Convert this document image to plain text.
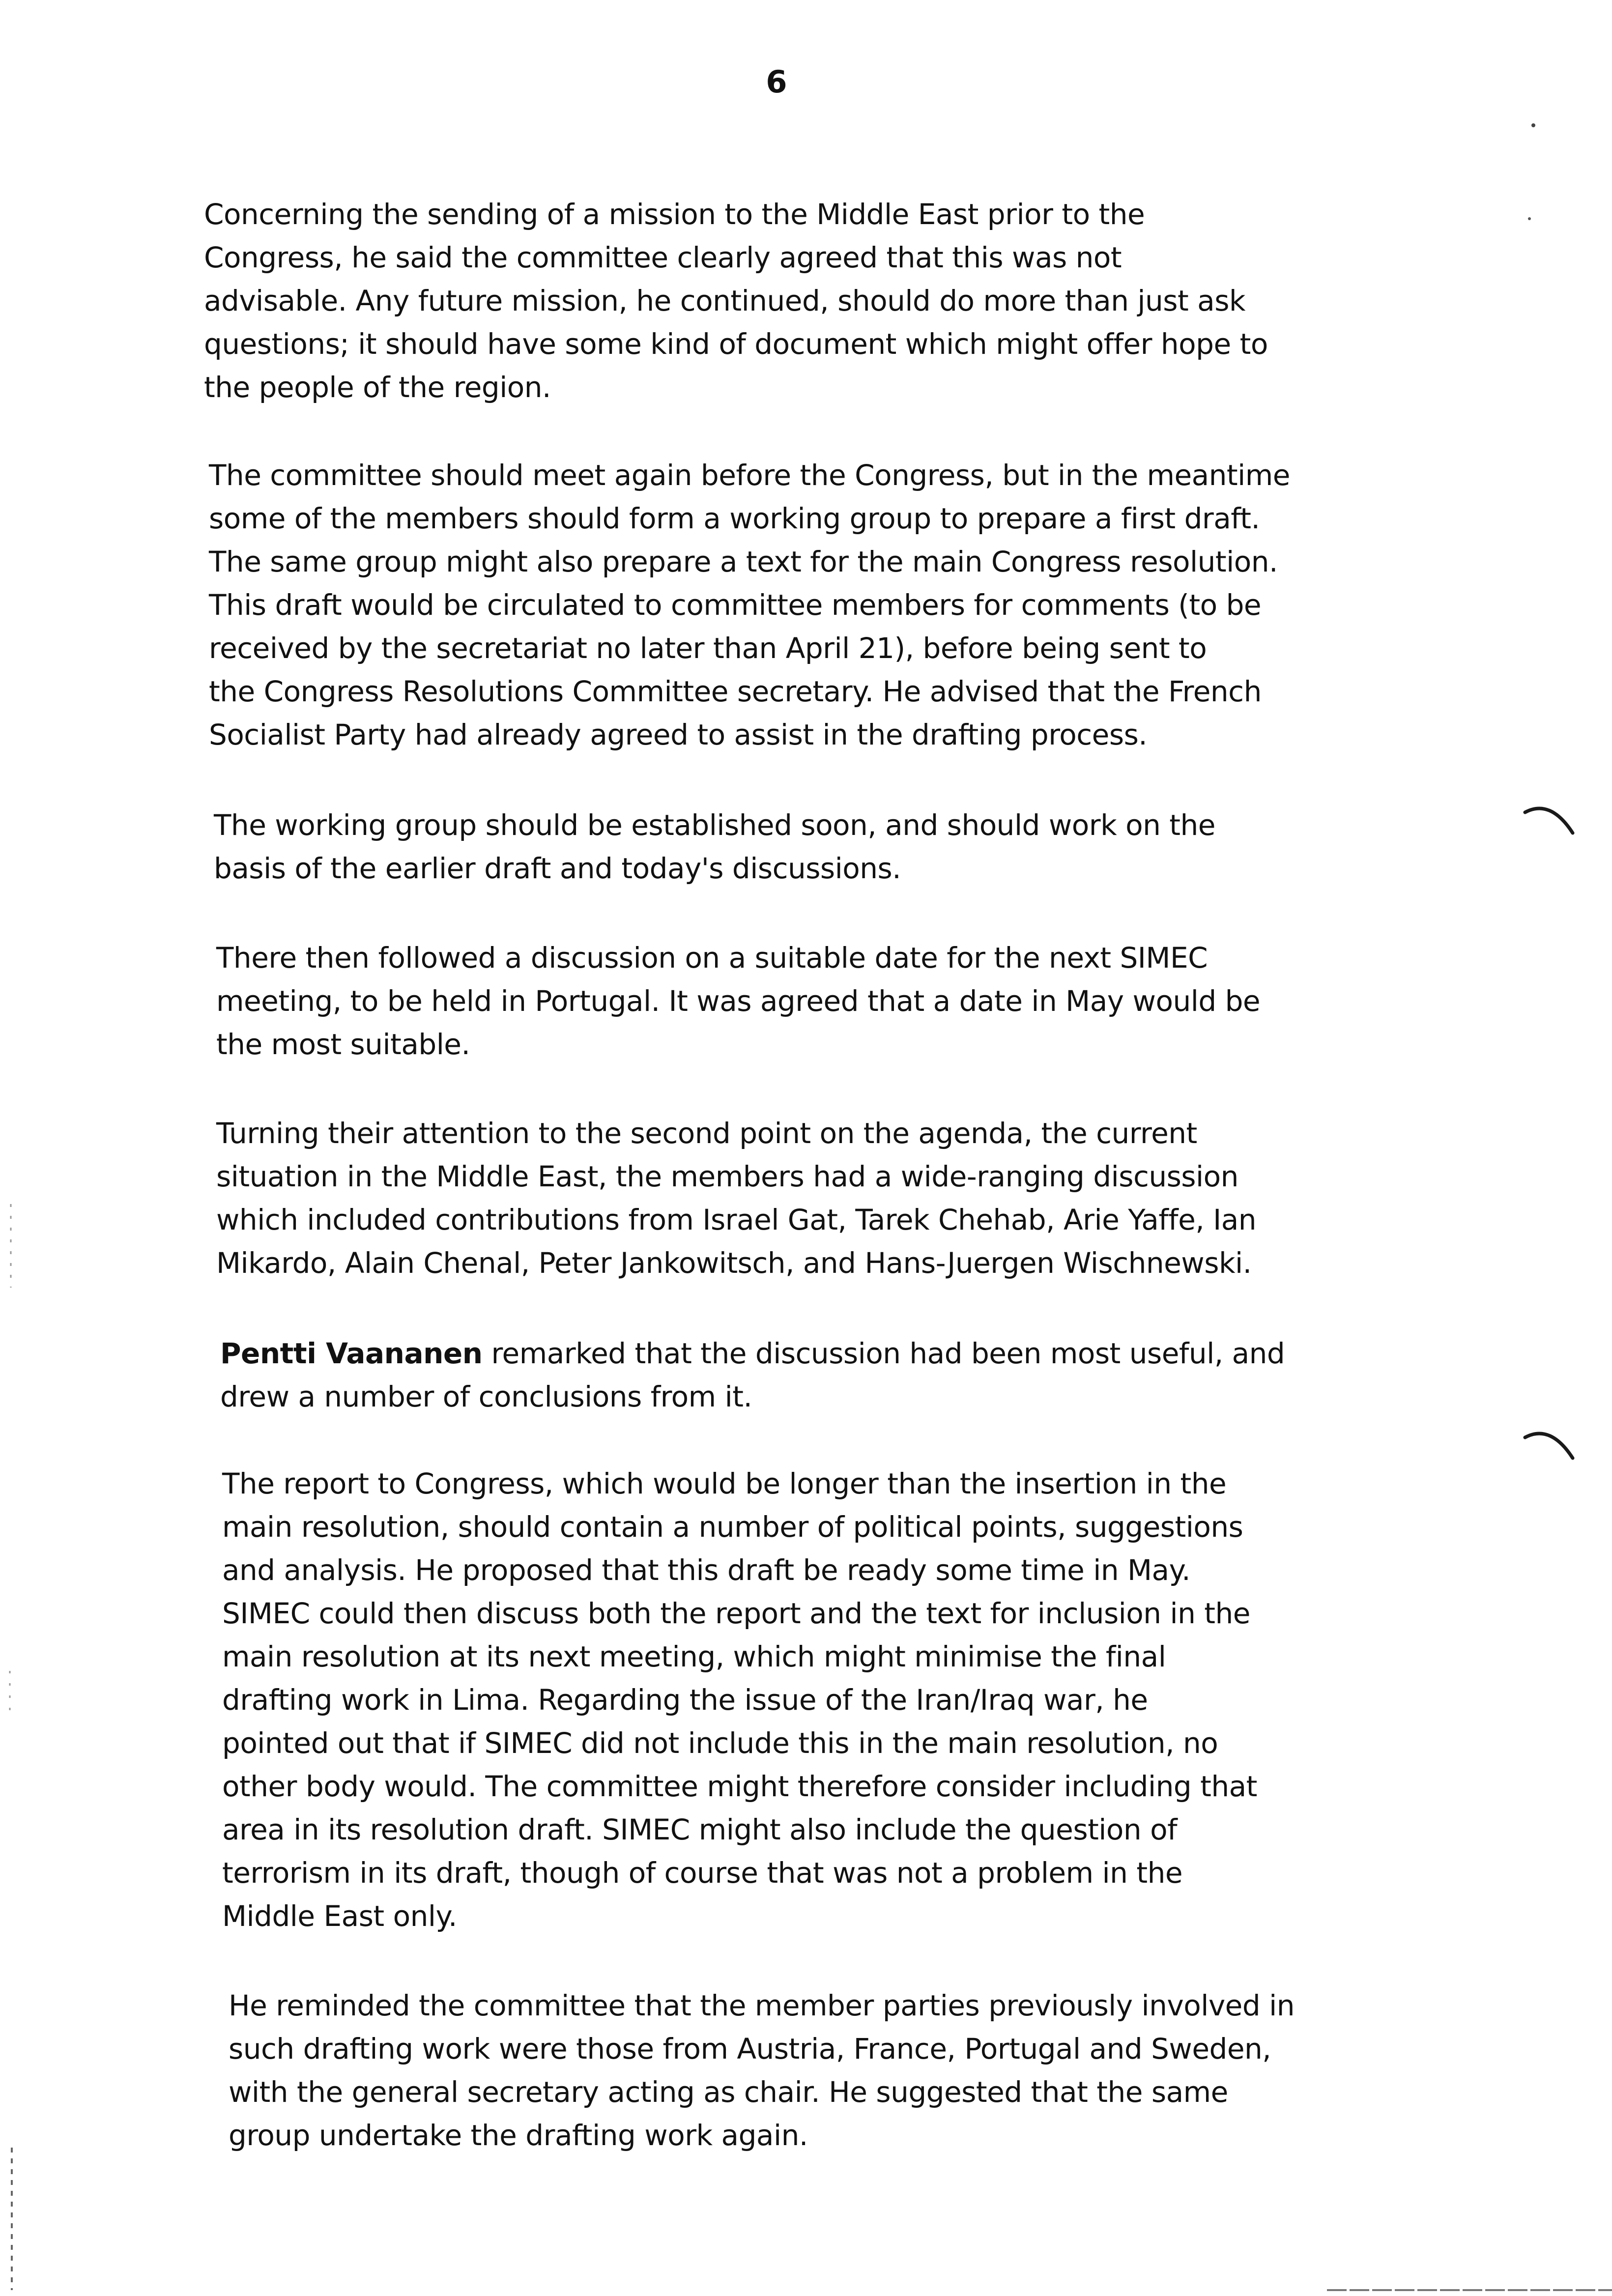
6

Concerning the sending of a mission to the Middle East prior to the
Congress, he said the committee clearly agreed that this was not
advisable. Any future mission, he continued, should do more than just ask
questions; it should have some kind of document which might offer hope to
the people of the region.

The committee should meet again before the Congress, but in the meantime
some of the members should form a working group to prepare a first draft.
The same group might also prepare a text for the main Congress resolution.
This draft would be circulated to committee members for comments (to be
received by the secretariat no later than April 21), before being sent to
the Congress Resolutions Committee secretary. He advised that the French
Socialist Party had already agreed to assist in the drafting process.

The working group should be established soon, and should work on the
basis of the earlier draft and today's discussions.

There then followed a discussion on a suitable date for the next SIMEC
meeting, to be held in Portugal. It was agreed that a date in May would be
the most suitable.

Turning their attention to the second point on the agenda, the current
situation in the Middle East, the members had a wide-ranging discussion
which included contributions from Israel Gat, Tarek Chehab, Arie Yaffe, Ian
Mikardo, Alain Chenal, Peter Jankowitsch, and Hans-Juergen Wischnewski.

Pentti Vaananen remarked that the discussion had been most useful, and
drew a number of conclusions from it.

The report to Congress, which would be longer than the insertion in the
main resolution, should contain a number of political points, suggestions
and analysis. He proposed that this draft be ready some time in May.
SIMEC could then discuss both the report and the text for inclusion in the
main resolution at its next meeting, which might minimise the final
drafting work in Lima. Regarding the issue of the Iran/Iraq war, he
pointed out that if SIMEC did not include this in the main resolution, no
other body would. The committee might therefore consider including that
area in its resolution draft. SIMEC might also include the question of
terrorism in its draft, though of course that was not a problem in the
Middle East only.

He reminded the committee that the member parties previously involved in
such drafting work were those from Austria, France, Portugal and Sweden,
with the general secretary acting as chair. He suggested that the same
group undertake the drafting work again.
